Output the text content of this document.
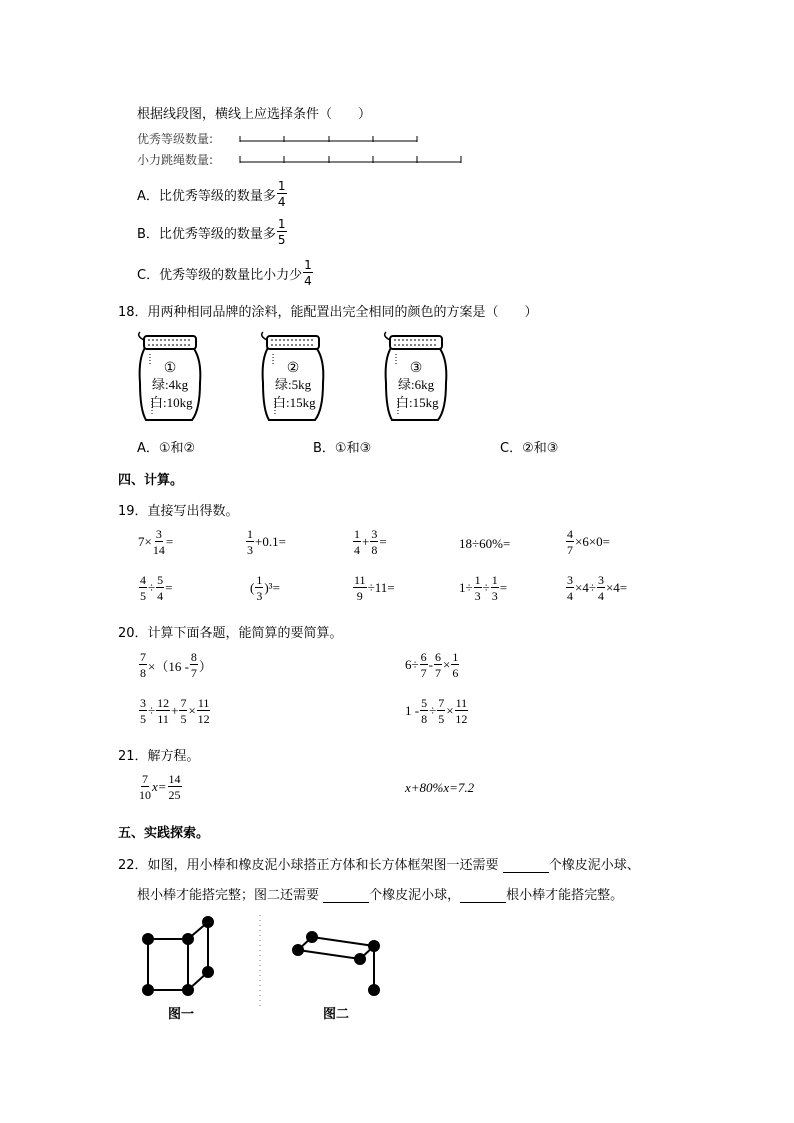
根据线段图，横线上应选择条件（　　）
优秀等级数量:
小力跳绳数量:
A．比优秀等级的数量多 $\frac{1}{4}$
B．比优秀等级的数量多 $\frac{1}{5}$
C．优秀等级的数量比小力少 $\frac{1}{4}$
18．用两种相同品牌的涂料，能配置出完全相同的颜色的方案是（　　）
①
绿:4kg
白:10kg
②
绿:5kg
白:15kg
③
绿:6kg
白:15kg
A．①和②	B．①和③	C．②和③
四、计算。
19．直接写出得数。
$7\times \frac{3}{14}$ =	$\frac{1}{3} +0.1=$	$\frac{1}{4} + \frac{3}{8}$ =	18÷60%=	$\frac{4}{7} \times 6\times 0=$
$\frac{4}{5} \div \frac{5}{4}$ =	( $\frac{1}{3} )^3=$	$\frac{11}{9} \div 11=$	$1\div \frac{1}{3} \div \frac{1}{3}$ =	$\frac{3}{4} \times 4\div \frac{3}{4} \times 4=$
20．计算下面各题，能简算的要简算。
$\frac{7}{8} \times(16 - \frac{8}{7}$ ）	$6\div \frac{6}{7} - \frac{6}{7} \times \frac{1}{6}$
$\frac{3}{5} \div \frac{12}{11} + \frac{7}{5} \times \frac{11}{12}$	$1 - \frac{5}{8} \div \frac{7}{5} \times \frac{11}{12}$
21．解方程。
$\frac{7}{10} x= \frac{14}{25}$	x+80%x=7.2
五、实践探索。
22．如图，用小棒和橡皮泥小球搭正方体和长方体框架图一还需要	个橡皮泥小球、
根小棒才能搭完整；图二还需要	个橡皮泥小球，	根小棒才能搭完整。
图一	图二
